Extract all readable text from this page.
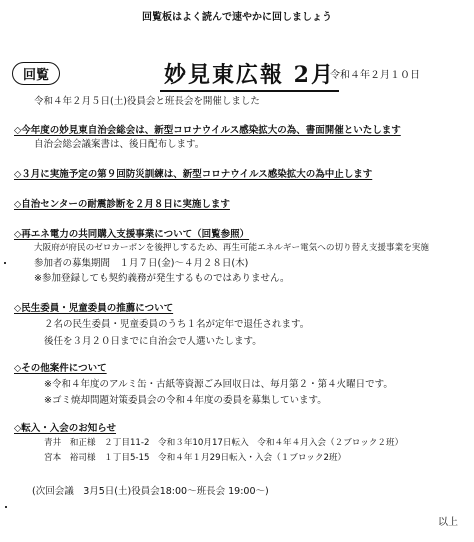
回覧板はよく読んで速やかに回しましょう
回覧	妙見東広報 2月
令和４年２月１０日
令和４年２月５日(土)役員会と班長会を開催しました
◇今年度の妙見東自治会総会は、新型コロナウイルス感染拡大の為、書面開催といたします
自治会総会議案書は、後日配布します。
◇３月に実施予定の第９回防災訓練は、新型コロナウイルス感染拡大の為中止します
◇自治センターの耐震診断を２月８日に実施します
◇再エネ電力の共同購入支援事業について（回覧参照）
大阪府が府民のゼロカーボンを後押しするため、再生可能エネルギー電気への切り替え支援事業を実施
参加者の募集期間　１月７日(金)～４月２８日(木)
※参加登録しても契約義務が発生するものではありません。
◇民生委員・児童委員の推薦について
２名の民生委員・児童委員のうち１名が定年で退任されます。
後任を３月２０日までに自治会で人選いたします。
◇その他案件について
※令和４年度のアルミ缶・古紙等資源ごみ回収日は、毎月第２・第４火曜日です。
※ゴミ焼却問題対策委員会の令和４年度の委員を募集しています。
◇転入・入会のお知らせ
青井　和正様　２丁目11-2　令和３年10月17日転入　令和４年４月入会（２ブロック２班）
宮本　裕司様　１丁目5-15　令和４年１月29日転入・入会（１ブロック2班）
(次回会議　3月5日(土)役員会18:00～班長会 19:00～)
以上
